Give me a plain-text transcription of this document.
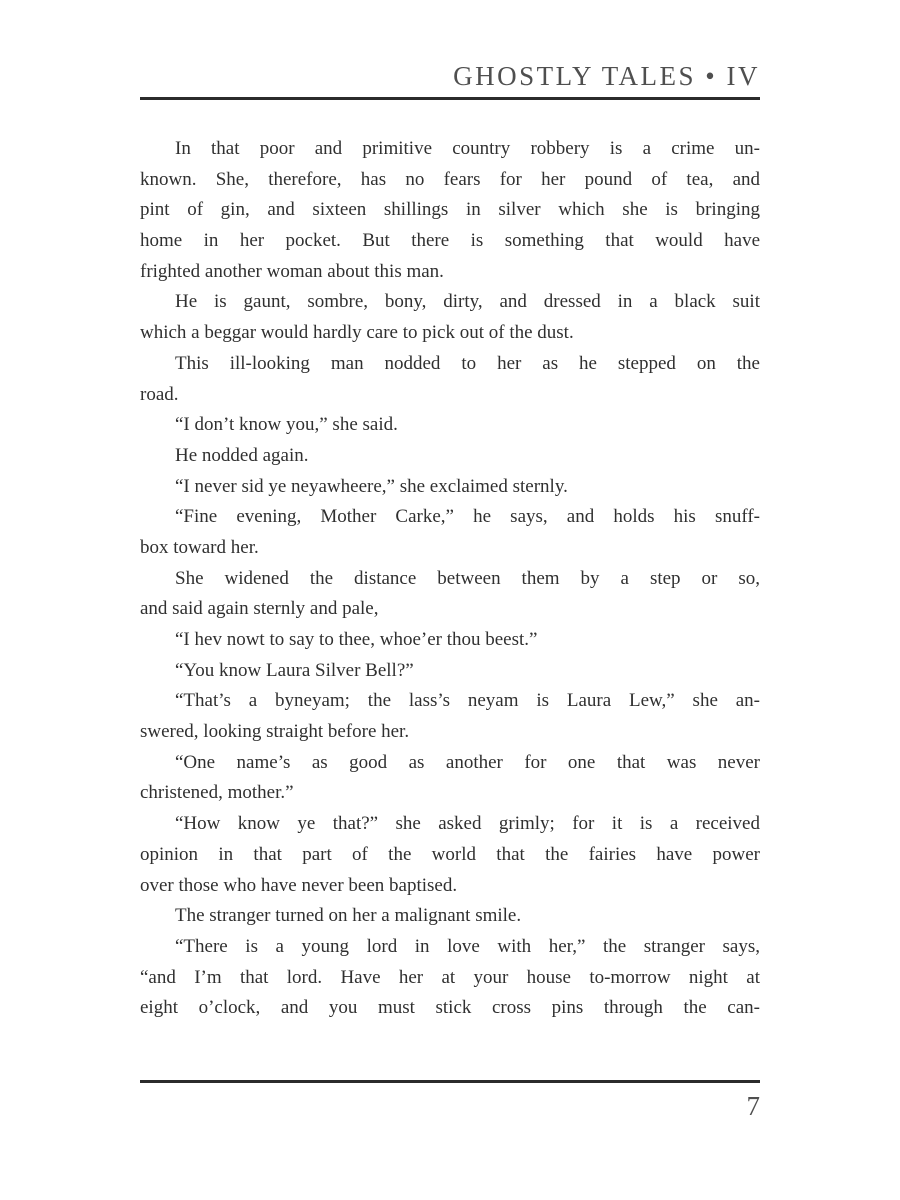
GHOSTLY TALES • IV
In that poor and primitive country robbery is a crime un-
known. She, therefore, has no fears for her pound of tea, and
pint of gin, and sixteen shillings in silver which she is bringing
home in her pocket. But there is something that would have
frighted another woman about this man.
He is gaunt, sombre, bony, dirty, and dressed in a black suit
which a beggar would hardly care to pick out of the dust.
This ill-looking man nodded to her as he stepped on the
road.
“I don’t know you,” she said.
He nodded again.
“I never sid ye neyawheere,” she exclaimed sternly.
“Fine evening, Mother Carke,” he says, and holds his snuff-
box toward her.
She widened the distance between them by a step or so,
and said again sternly and pale,
“I hev nowt to say to thee, whoe’er thou beest.”
“You know Laura Silver Bell?”
“That’s a byneyam; the lass’s neyam is Laura Lew,” she an-
swered, looking straight before her.
“One name’s as good as another for one that was never
christened, mother.”
“How know ye that?” she asked grimly; for it is a received
opinion in that part of the world that the fairies have power
over those who have never been baptised.
The stranger turned on her a malignant smile.
“There is a young lord in love with her,” the stranger says,
“and I’m that lord. Have her at your house to-morrow night at
eight o’clock, and you must stick cross pins through the can-
7
